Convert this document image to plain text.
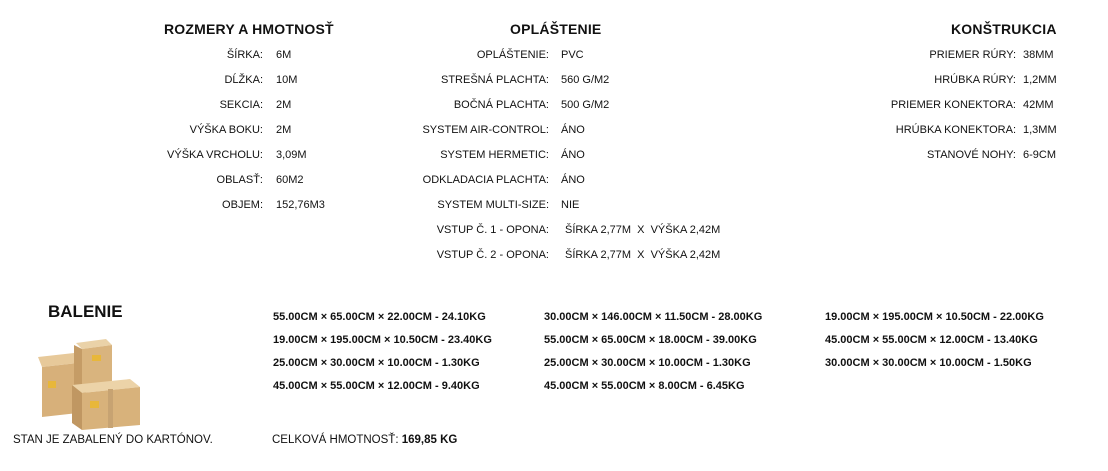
ROZMERY A HMOTNOSŤ
ŠÍRKA: 6M
DĹŽKA: 10M
SEKCIA: 2M
VÝŠKA BOKU: 2M
VÝŠKA VRCHOLU: 3,09M
OBLASŤ: 60M2
OBJEM: 152,76M3
OPLÁŠTENIE
OPLÁŠTENIE: PVC
STREŠNÁ PLACHTA: 560 G/M2
BOČNÁ PLACHTA: 500 G/M2
SYSTEM AIR-CONTROL: ÁNO
SYSTEM HERMETIC: ÁNO
ODKLADACIA PLACHTA: ÁNO
SYSTEM MULTI-SIZE: NIE
VSTUP Č. 1 - OPONA: ŠÍRKA 2,77M  X  VÝŠKA 2,42M
VSTUP Č. 2 - OPONA: ŠÍRKA 2,77M  X  VÝŠKA 2,42M
KONŠTRUKCIA
PRIEMER RÚRY: 38MM
HRÚBKA RÚRY: 1,2MM
PRIEMER KONEKTORA: 42MM
HRÚBKA KONEKTORA: 1,3MM
STANOVÉ NOHY: 6-9CM
BALENIE
STAN JE ZABALENÝ DO KARTÓNOV.
55.00CM × 65.00CM × 22.00CM - 24.10KG
19.00CM × 195.00CM × 10.50CM - 23.40KG
25.00CM × 30.00CM × 10.00CM - 1.30KG
45.00CM × 55.00CM × 12.00CM - 9.40KG
30.00CM × 146.00CM × 11.50CM - 28.00KG
55.00CM × 65.00CM × 18.00CM - 39.00KG
25.00CM × 30.00CM × 10.00CM - 1.30KG
45.00CM × 55.00CM × 8.00CM - 6.45KG
19.00CM × 195.00CM × 10.50CM - 22.00KG
45.00CM × 55.00CM × 12.00CM - 13.40KG
30.00CM × 30.00CM × 10.00CM - 1.50KG
CELKOVÁ HMOTNOSŤ: 169,85 KG
